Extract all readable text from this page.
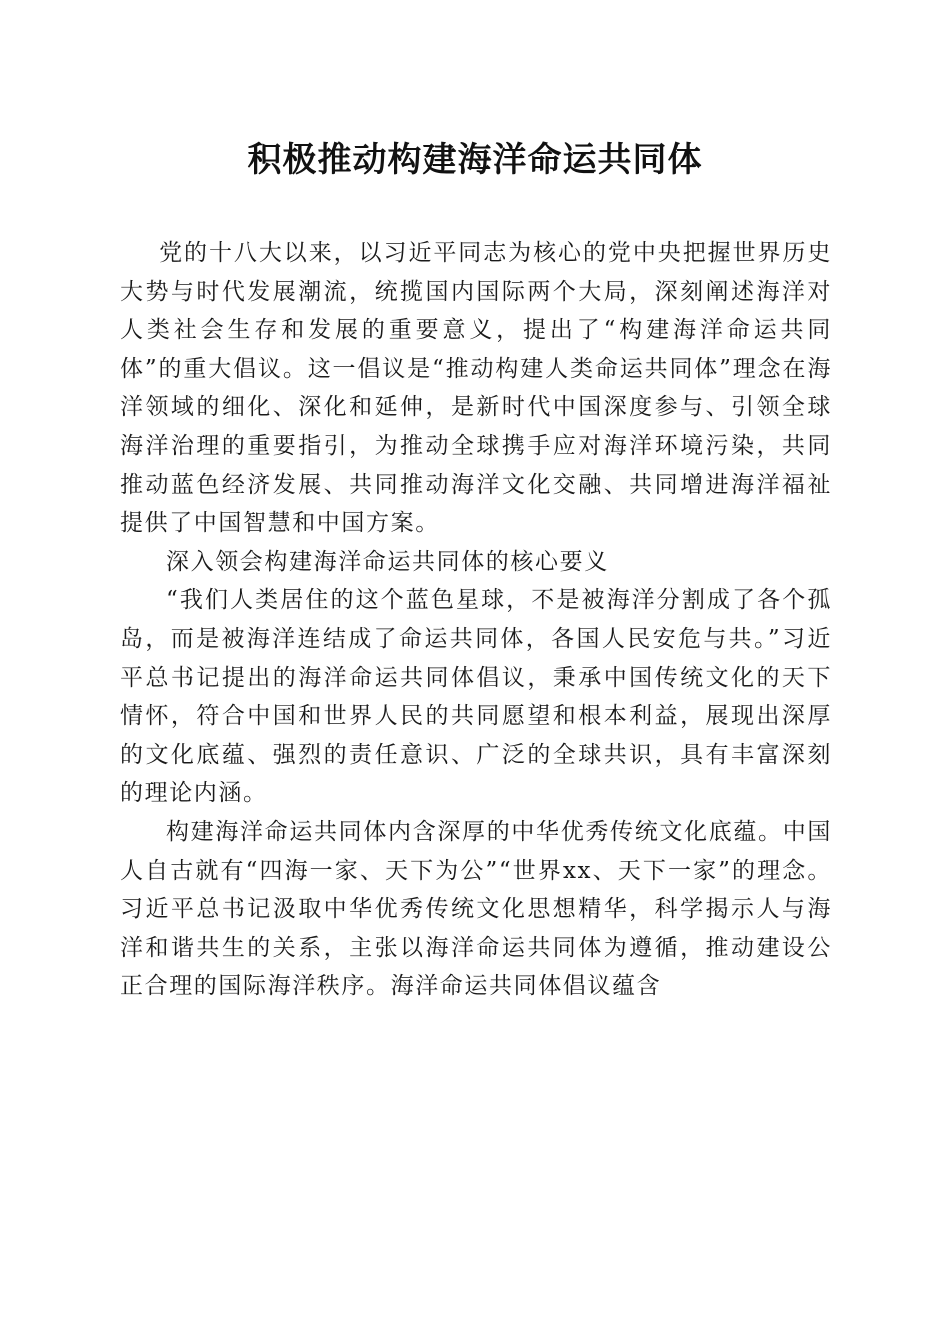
积极推动构建海洋命运共同体

党的十八大以来，以习近平同志为核心的党中央把握世界历史大势与时代发展潮流，统揽国内国际两个大局，深刻阐述海洋对人类社会生存和发展的重要意义，提出了“构建海洋命运共同体”的重大倡议。这一倡议是“推动构建人类命运共同体”理念在海洋领域的细化、深化和延伸，是新时代中国深度参与、引领全球海洋治理的重要指引，为推动全球携手应对海洋环境污染，共同推动蓝色经济发展、共同推动海洋文化交融、共同增进海洋福祉提供了中国智慧和中国方案。

深入领会构建海洋命运共同体的核心要义

“我们人类居住的这个蓝色星球，不是被海洋分割成了各个孤岛，而是被海洋连结成了命运共同体，各国人民安危与共。”习近平总书记提出的海洋命运共同体倡议，秉承中国传统文化的天下情怀，符合中国和世界人民的共同愿望和根本利益，展现出深厚的文化底蕴、强烈的责任意识、广泛的全球共识，具有丰富深刻的理论内涵。

构建海洋命运共同体内含深厚的中华优秀传统文化底蕴。中国人自古就有“四海一家、天下为公”“世界xx、天下一家”的理念。习近平总书记汲取中华优秀传统文化思想精华，科学揭示人与海洋和谐共生的关系，主张以海洋命运共同体为遵循，推动建设公正合理的国际海洋秩序。海洋命运共同体倡议蕴含
